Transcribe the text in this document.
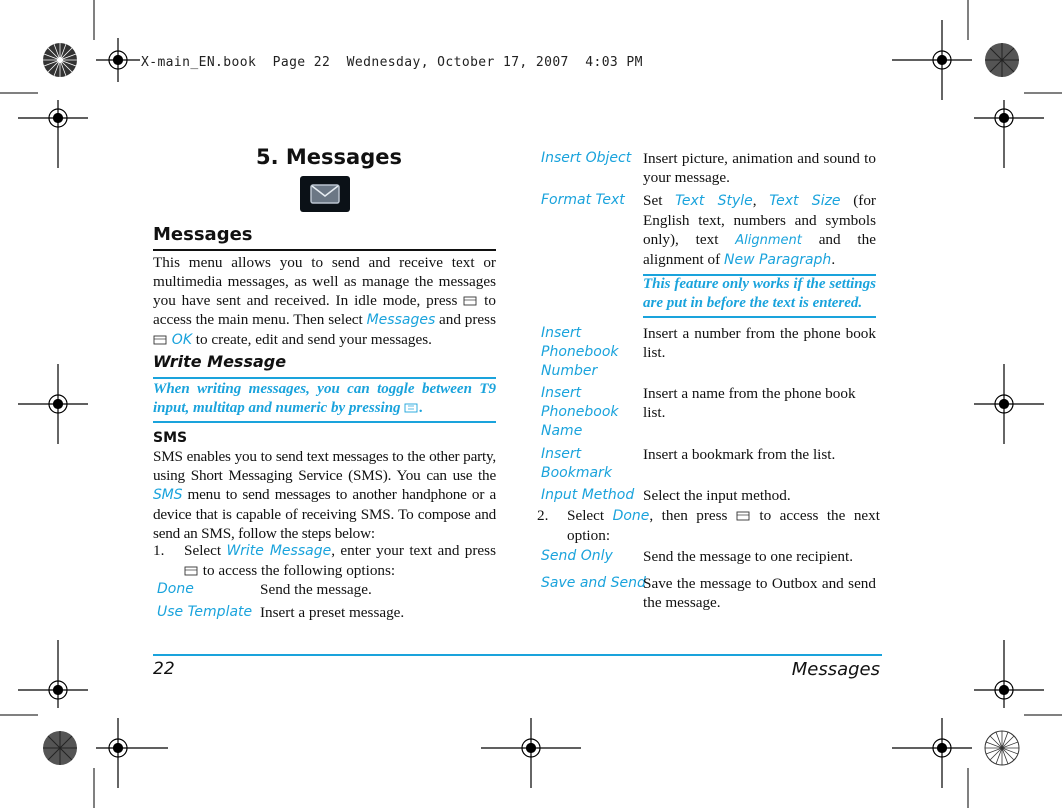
X-main_EN.book  Page 22  Wednesday, October 17, 2007  4:03 PM
5. Messages
Messages
This menu allows you to send and receive text or multimedia messages, as well as manage the messages you have sent and received. In idle mode, press  to access the main menu. Then select Messages and press  OK to create, edit and send your messages.
Write Message
When writing messages, you can toggle between T9 input, multitap and numeric by pressing .
SMS
SMS enables you to send text messages to the other party, using Short Messaging Service (SMS). You can use the SMS menu to send messages to another handphone or a device that is capable of receiving SMS. To compose and send an SMS, follow the steps below:
1. Select Write Message, enter your text and press  to access the following options:
Done	Send the message.
Use Template Insert a preset message.
Insert Object Insert picture, animation and sound to your message.
Format Text Set Text Style, Text Size (for English text, numbers and symbols only), text Alignment and the alignment of New Paragraph.
This feature only works if the settings are put in before the text is entered.
Insert
Phonebook
Number
Insert a number from the phone book list.
Insert
Phonebook
Name
Insert a name from the phone book list.
Insert
Bookmark
Insert a bookmark from the list.
Input Method Select the input method.
2. Select Done, then press  to access the next option:
Send Only Send the message to one recipient.
Save and Send
Save the message to Outbox and send the message.
22	Messages
